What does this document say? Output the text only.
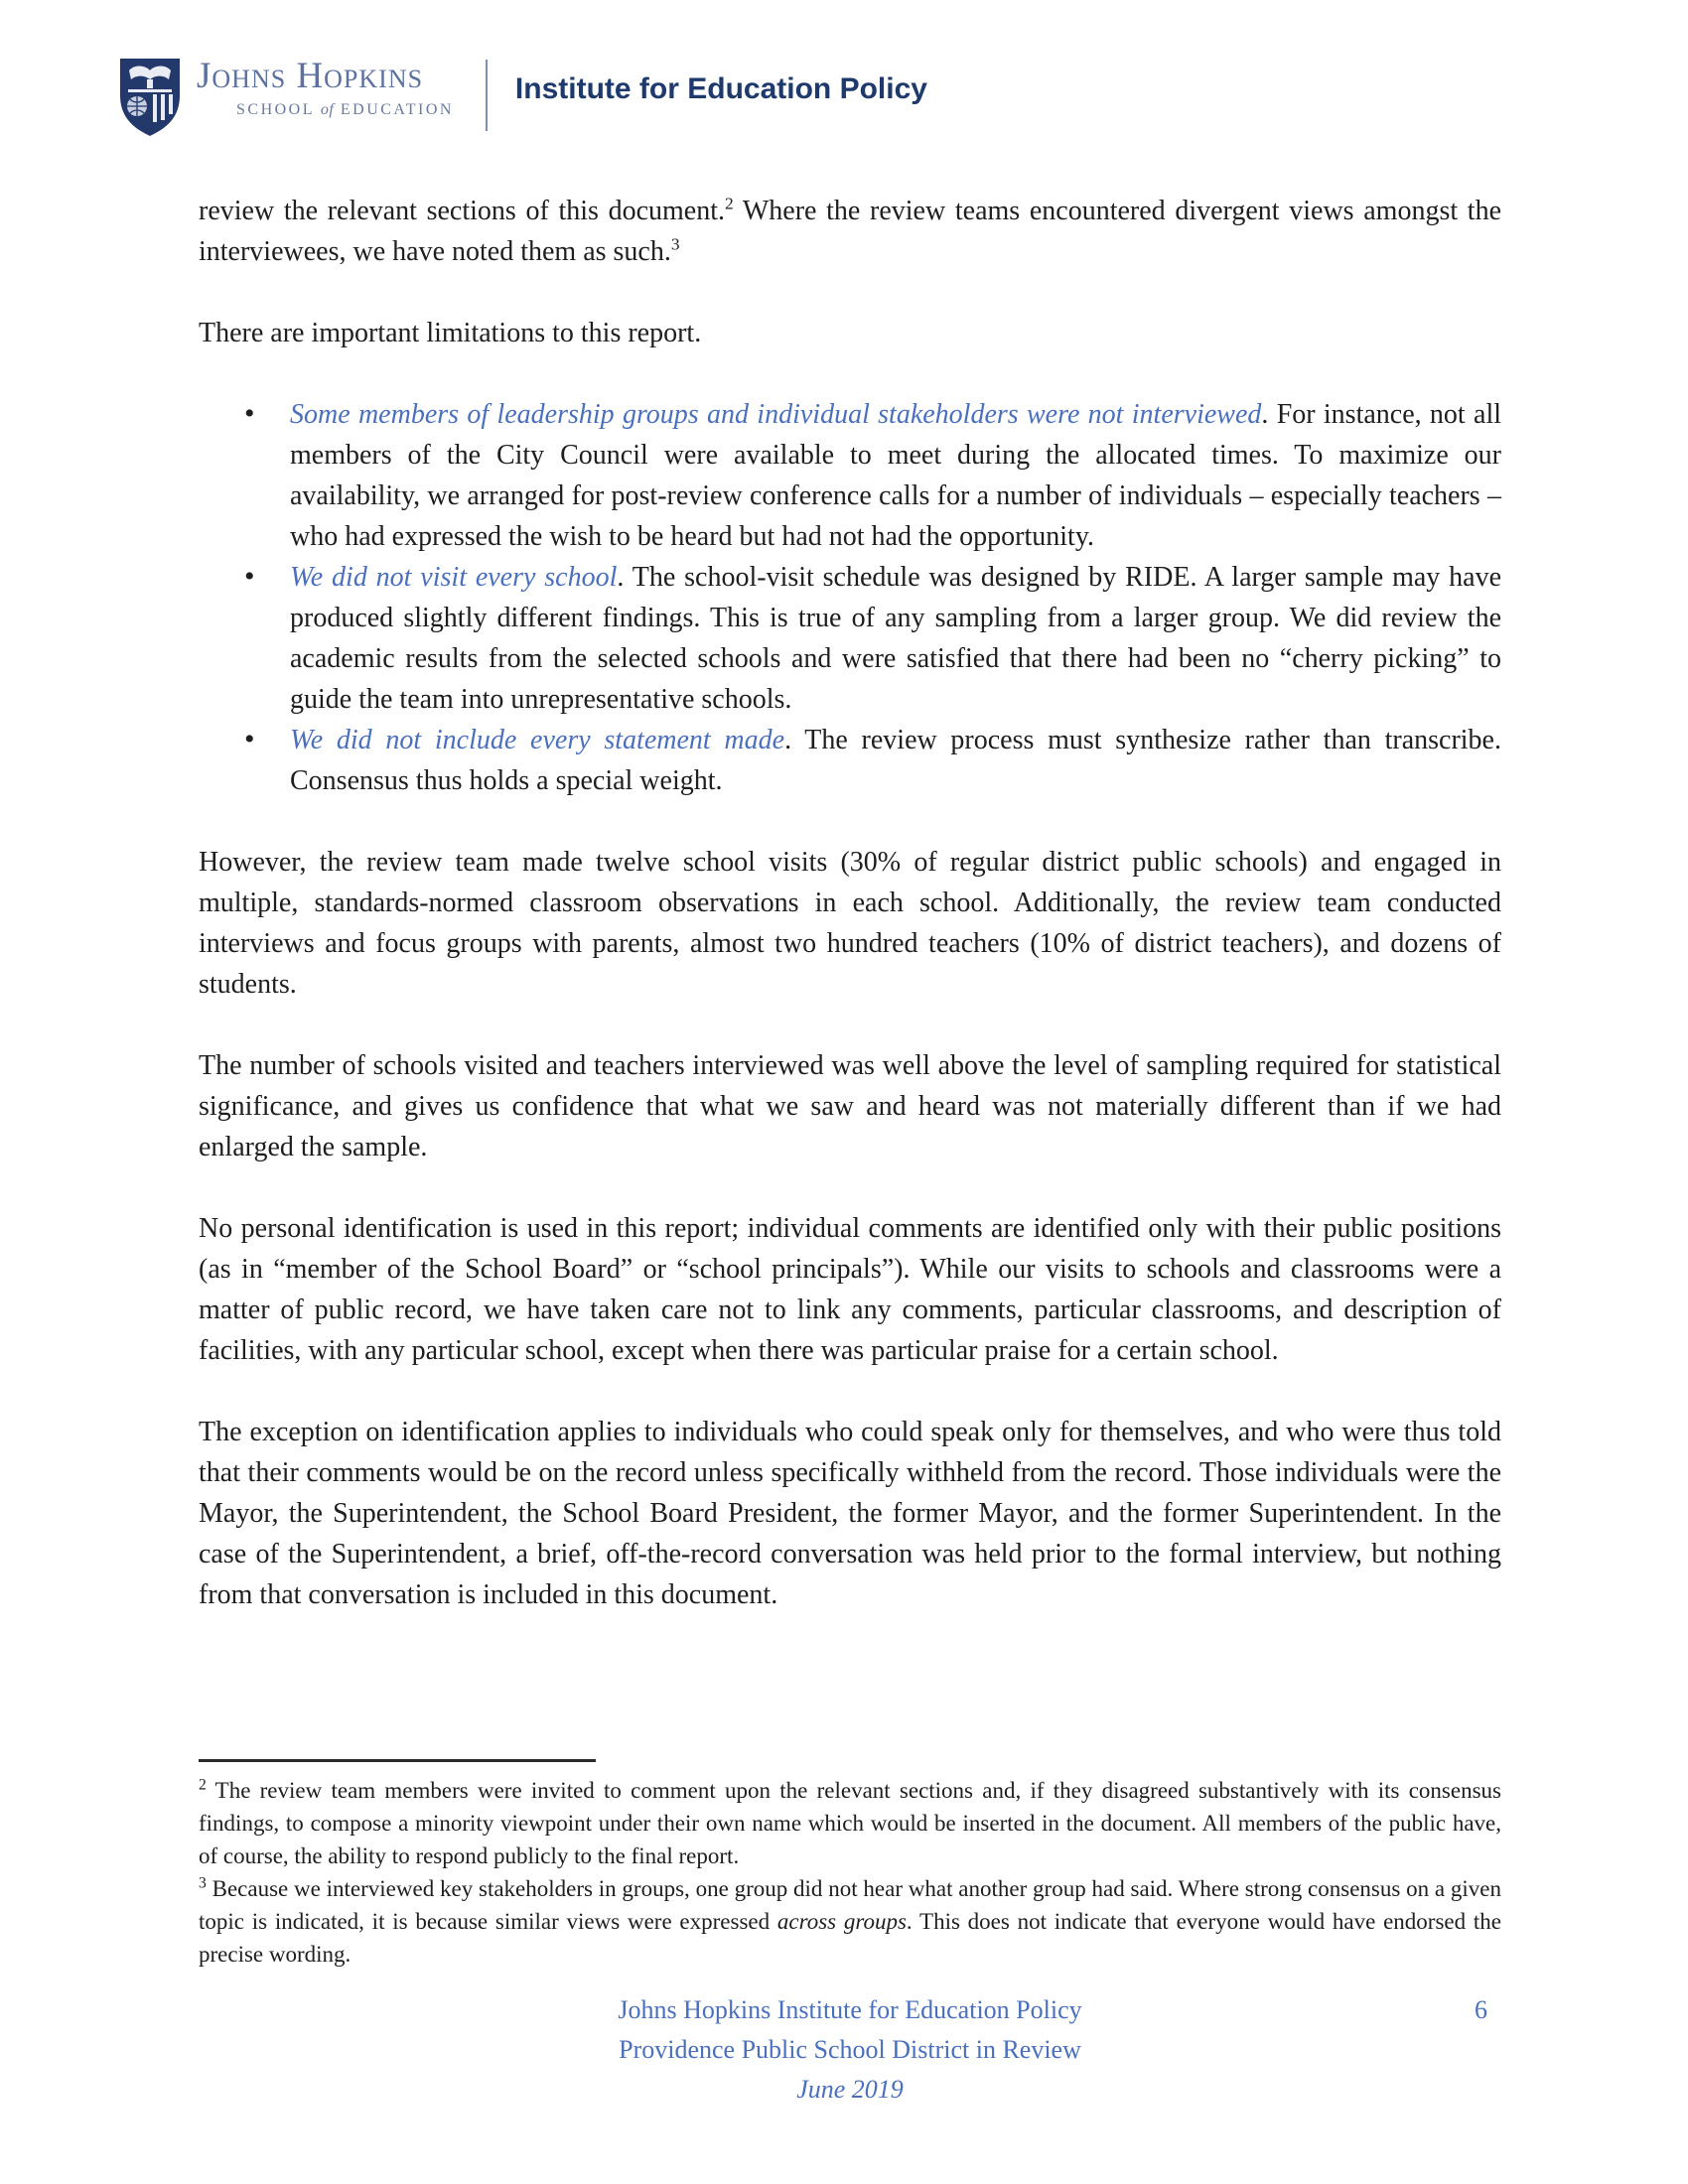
Johns Hopkins
SCHOOL of EDUCATION
Institute for Education Policy

review the relevant sections of this document.$^2$ Where the review teams encountered divergent views amongst the interviewees, we have noted them as such.$^3$

There are important limitations to this report.

• Some members of leadership groups and individual stakeholders were not interviewed. For instance, not all members of the City Council were available to meet during the allocated times. To maximize our availability, we arranged for post-review conference calls for a number of individuals – especially teachers – who had expressed the wish to be heard but had not had the opportunity.
• We did not visit every school. The school-visit schedule was designed by RIDE. A larger sample may have produced slightly different findings. This is true of any sampling from a larger group. We did review the academic results from the selected schools and were satisfied that there had been no “cherry picking” to guide the team into unrepresentative schools.
• We did not include every statement made. The review process must synthesize rather than transcribe. Consensus thus holds a special weight.

However, the review team made twelve school visits (30% of regular district public schools) and engaged in multiple, standards-normed classroom observations in each school. Additionally, the review team conducted interviews and focus groups with parents, almost two hundred teachers (10% of district teachers), and dozens of students.

The number of schools visited and teachers interviewed was well above the level of sampling required for statistical significance, and gives us confidence that what we saw and heard was not materially different than if we had enlarged the sample.

No personal identification is used in this report; individual comments are identified only with their public positions (as in “member of the School Board” or “school principals”). While our visits to schools and classrooms were a matter of public record, we have taken care not to link any comments, particular classrooms, and description of facilities, with any particular school, except when there was particular praise for a certain school.

The exception on identification applies to individuals who could speak only for themselves, and who were thus told that their comments would be on the record unless specifically withheld from the record. Those individuals were the Mayor, the Superintendent, the School Board President, the former Mayor, and the former Superintendent. In the case of the Superintendent, a brief, off-the-record conversation was held prior to the formal interview, but nothing from that conversation is included in this document.

$^2$ The review team members were invited to comment upon the relevant sections and, if they disagreed substantively with its consensus findings, to compose a minority viewpoint under their own name which would be inserted in the document. All members of the public have, of course, the ability to respond publicly to the final report.

$^3$ Because we interviewed key stakeholders in groups, one group did not hear what another group had said. Where strong consensus on a given topic is indicated, it is because similar views were expressed across groups. This does not indicate that everyone would have endorsed the precise wording.

Johns Hopkins Institute for Education Policy
Providence Public School District in Review
June 2019
6
